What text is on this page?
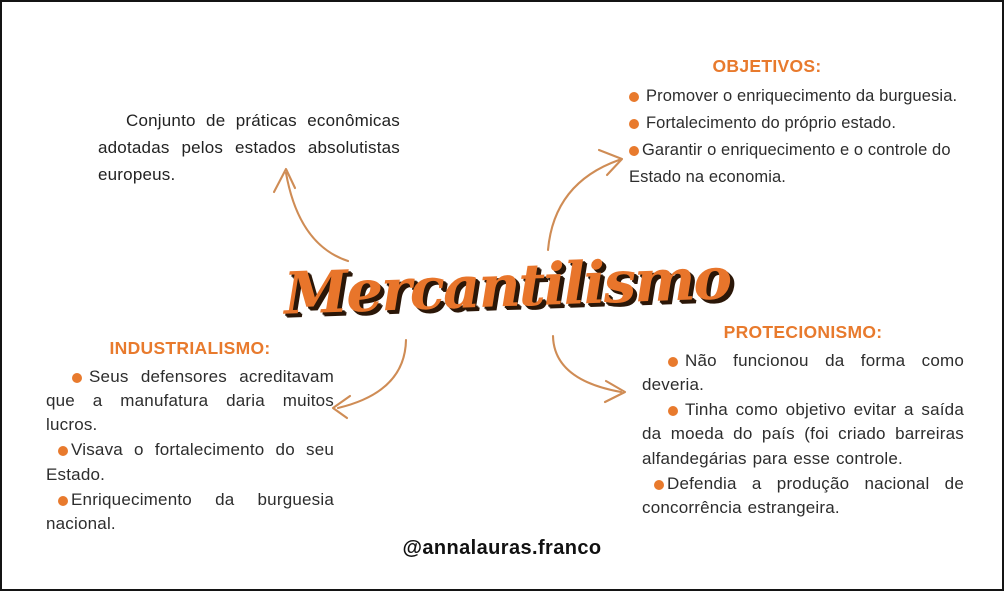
Conjunto de práticas econômicas adotadas pelos estados absolutistas europeus.

OBJETIVOS:

Promover o enriquecimento da burguesia.

Fortalecimento do próprio estado.

Garantir o enriquecimento e o controle do Estado na economia.

Mercantilismo
INDUSTRIALISMO:

Seus defensores acreditavam que a manufatura daria muitos lucros.

Visava o fortalecimento do seu Estado.

Enriquecimento da burguesia nacional.

PROTECIONISMO:

Não funcionou da forma como deveria.

Tinha como objetivo evitar a saída da moeda do país (foi criado barreiras alfandegárias para esse controle.

Defendia a produção nacional de concorrência estrangeira.

@annalauras.franco
